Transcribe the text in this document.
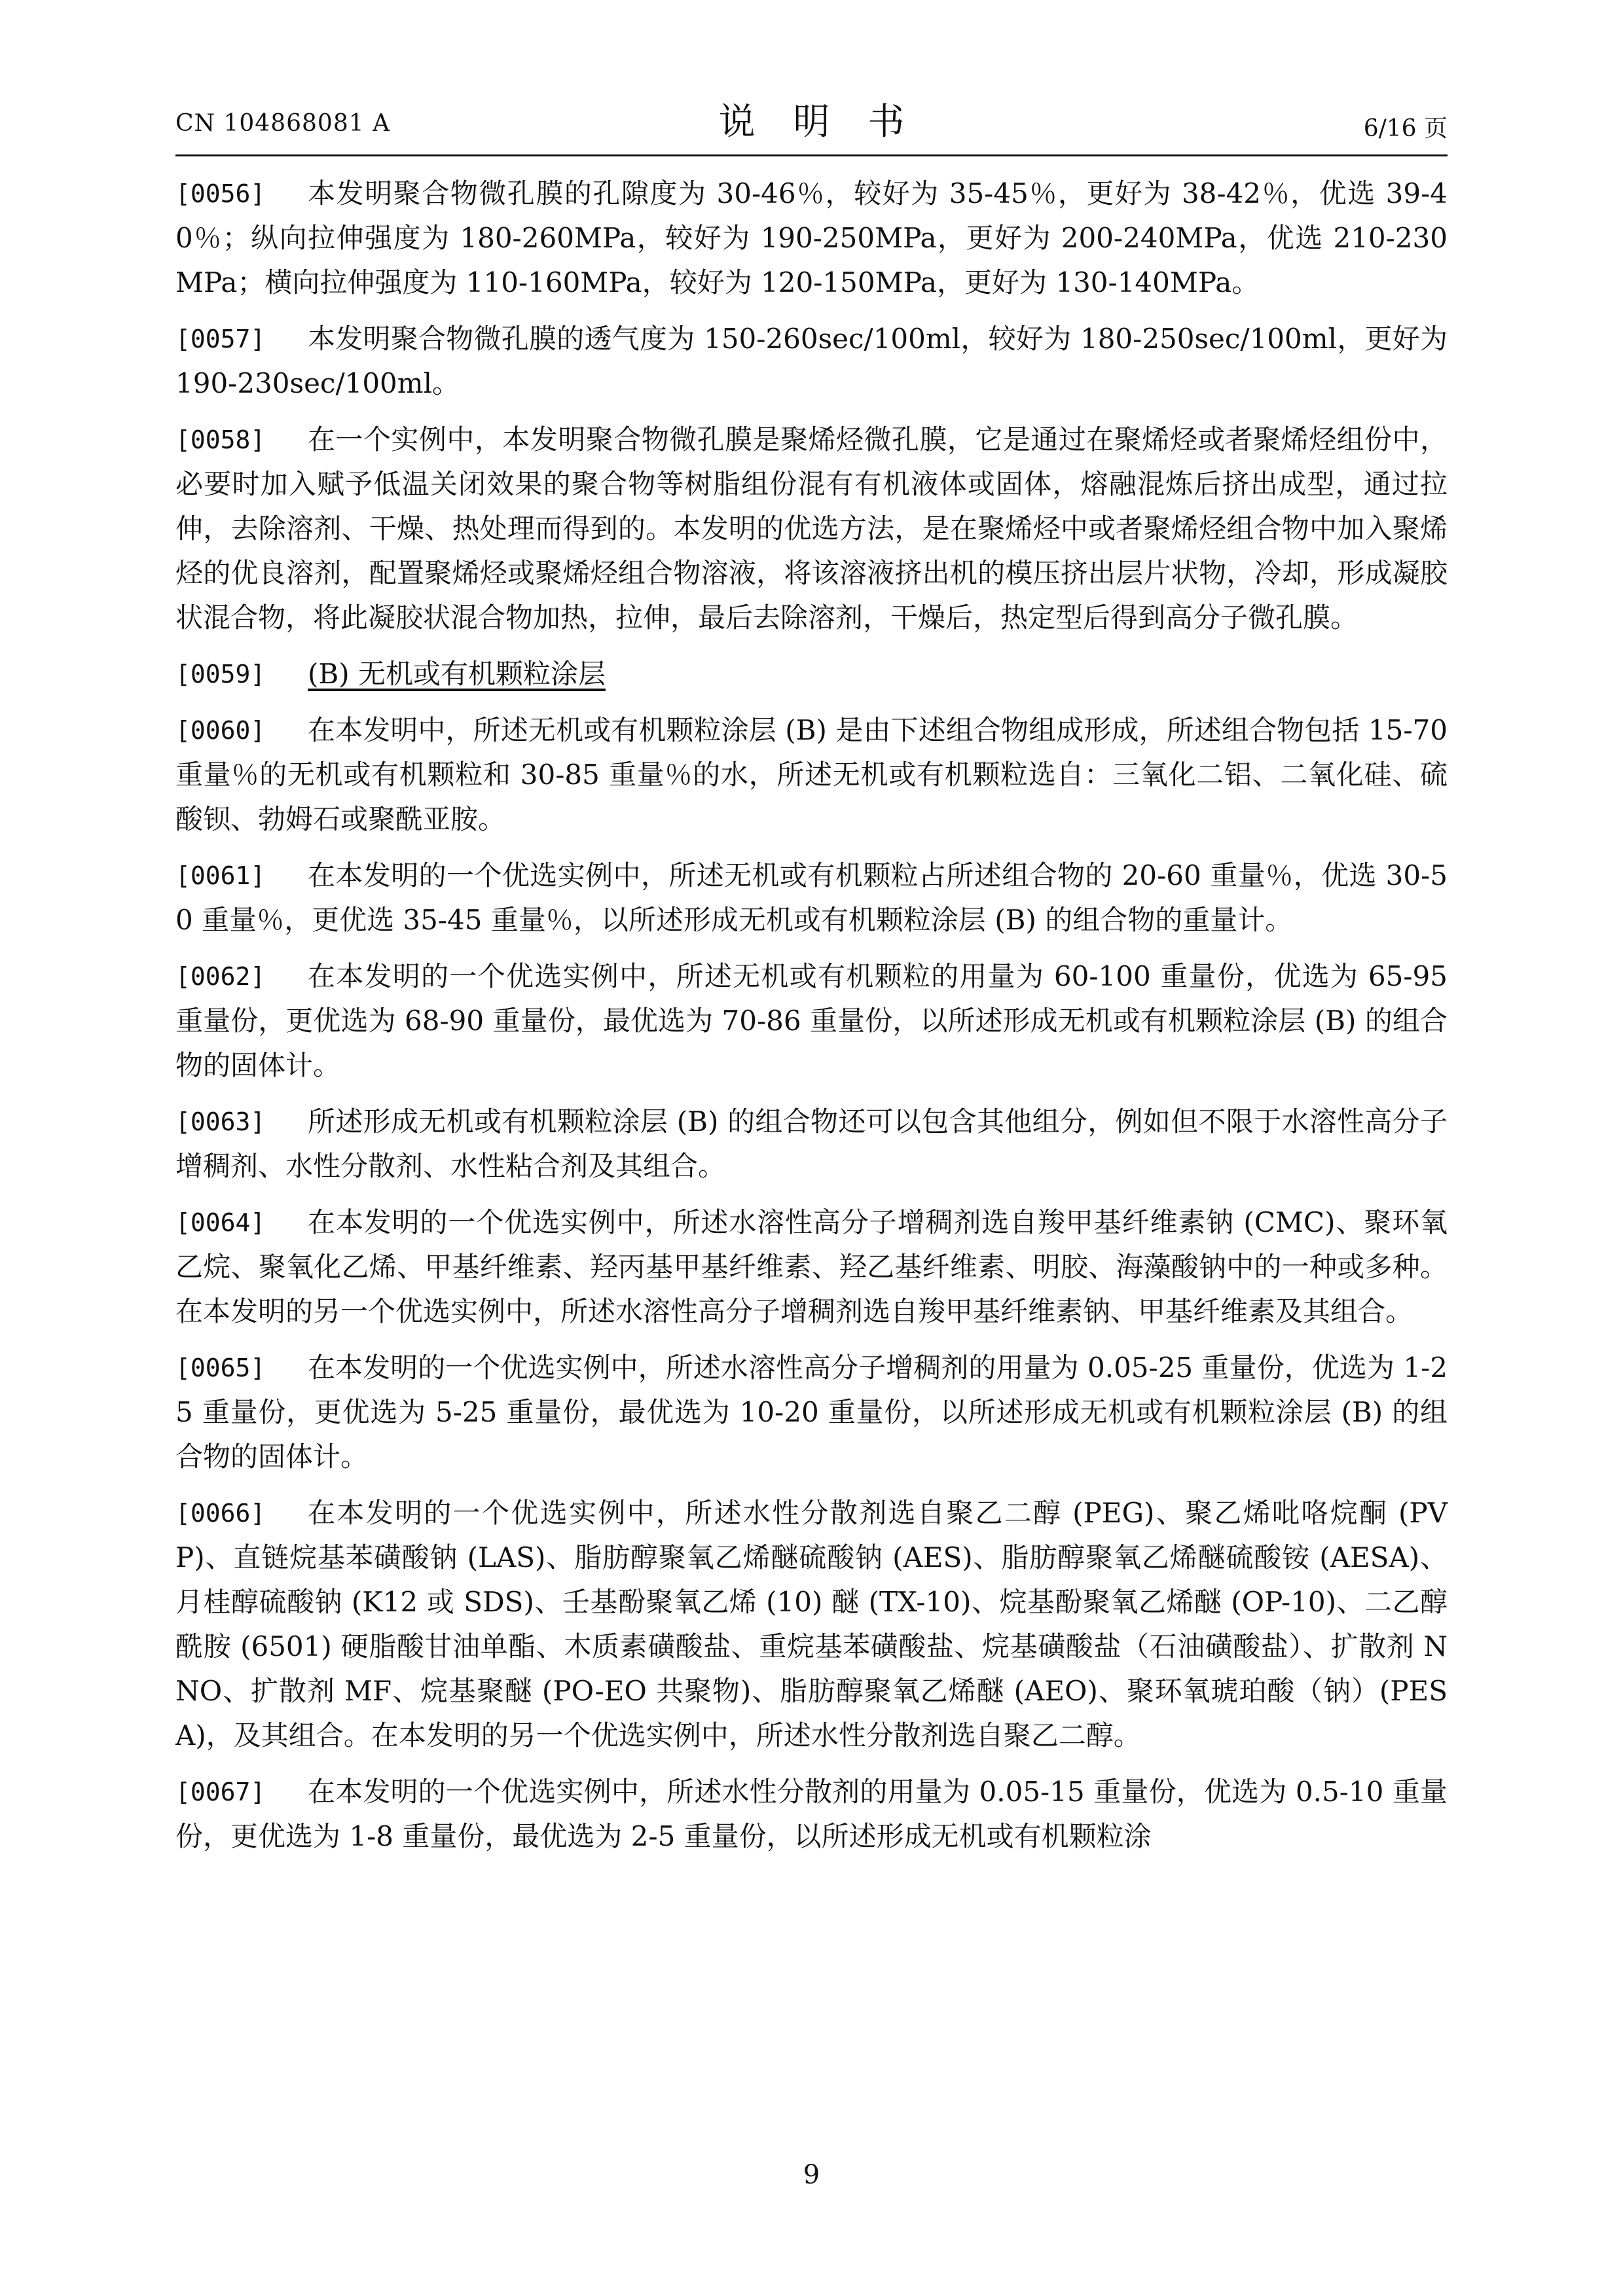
CN 104868081 A	说明书	6/16 页

[0056] 本发明聚合物微孔膜的孔隙度为 30-46％，较好为 35-45％，更好为 38-42％，优选 39-40％；纵向拉伸强度为 180-260MPa，较好为 190-250MPa，更好为 200-240MPa，优选 210-230MPa；横向拉伸强度为 110-160MPa，较好为 120-150MPa，更好为 130-140MPa。

[0057] 本发明聚合物微孔膜的透气度为 150-260sec/100ml，较好为 180-250sec/100ml，更好为 190-230sec/100ml。

[0058] 在一个实例中，本发明聚合物微孔膜是聚烯烃微孔膜，它是通过在聚烯烃或者聚烯烃组份中，必要时加入赋予低温关闭效果的聚合物等树脂组份混有有机液体或固体，熔融混炼后挤出成型，通过拉伸，去除溶剂、干燥、热处理而得到的。本发明的优选方法，是在聚烯烃中或者聚烯烃组合物中加入聚烯烃的优良溶剂，配置聚烯烃或聚烯烃组合物溶液，将该溶液挤出机的模压挤出层片状物，冷却，形成凝胶状混合物，将此凝胶状混合物加热，拉伸，最后去除溶剂，干燥后，热定型后得到高分子微孔膜。

[0059] (B) 无机或有机颗粒涂层

[0060] 在本发明中，所述无机或有机颗粒涂层 (B) 是由下述组合物组成形成，所述组合物包括 15-70 重量％的无机或有机颗粒和 30-85 重量％的水，所述无机或有机颗粒选自：三氧化二铝、二氧化硅、硫酸钡、勃姆石或聚酰亚胺。

[0061] 在本发明的一个优选实例中，所述无机或有机颗粒占所述组合物的 20-60 重量％，优选 30-50 重量％，更优选 35-45 重量％，以所述形成无机或有机颗粒涂层 (B) 的组合物的重量计。

[0062] 在本发明的一个优选实例中，所述无机或有机颗粒的用量为 60-100 重量份，优选为 65-95 重量份，更优选为 68-90 重量份，最优选为 70-86 重量份，以所述形成无机或有机颗粒涂层 (B) 的组合物的固体计。

[0063] 所述形成无机或有机颗粒涂层 (B) 的组合物还可以包含其他组分，例如但不限于水溶性高分子增稠剂、水性分散剂、水性粘合剂及其组合。

[0064] 在本发明的一个优选实例中，所述水溶性高分子增稠剂选自羧甲基纤维素钠 (CMC)、聚环氧乙烷、聚氧化乙烯、甲基纤维素、羟丙基甲基纤维素、羟乙基纤维素、明胶、海藻酸钠中的一种或多种。在本发明的另一个优选实例中，所述水溶性高分子增稠剂选自羧甲基纤维素钠、甲基纤维素及其组合。

[0065] 在本发明的一个优选实例中，所述水溶性高分子增稠剂的用量为 0.05-25 重量份，优选为 1-25 重量份，更优选为 5-25 重量份，最优选为 10-20 重量份，以所述形成无机或有机颗粒涂层 (B) 的组合物的固体计。

[0066] 在本发明的一个优选实例中，所述水性分散剂选自聚乙二醇 (PEG)、聚乙烯吡咯烷酮 (PVP)、直链烷基苯磺酸钠 (LAS)、脂肪醇聚氧乙烯醚硫酸钠 (AES)、脂肪醇聚氧乙烯醚硫酸铵 (AESA)、月桂醇硫酸钠 (K12 或 SDS)、壬基酚聚氧乙烯 (10) 醚 (TX-10)、烷基酚聚氧乙烯醚 (OP-10)、二乙醇酰胺 (6501) 硬脂酸甘油单酯、木质素磺酸盐、重烷基苯磺酸盐、烷基磺酸盐（石油磺酸盐）、扩散剂 NNO、扩散剂 MF、烷基聚醚 (PO-EO 共聚物)、脂肪醇聚氧乙烯醚 (AEO)、聚环氧琥珀酸（钠）(PESA)，及其组合。在本发明的另一个优选实例中，所述水性分散剂选自聚乙二醇。

[0067] 在本发明的一个优选实例中，所述水性分散剂的用量为 0.05-15 重量份，优选为 0.5-10 重量份，更优选为 1-8 重量份，最优选为 2-5 重量份，以所述形成无机或有机颗粒涂

9
